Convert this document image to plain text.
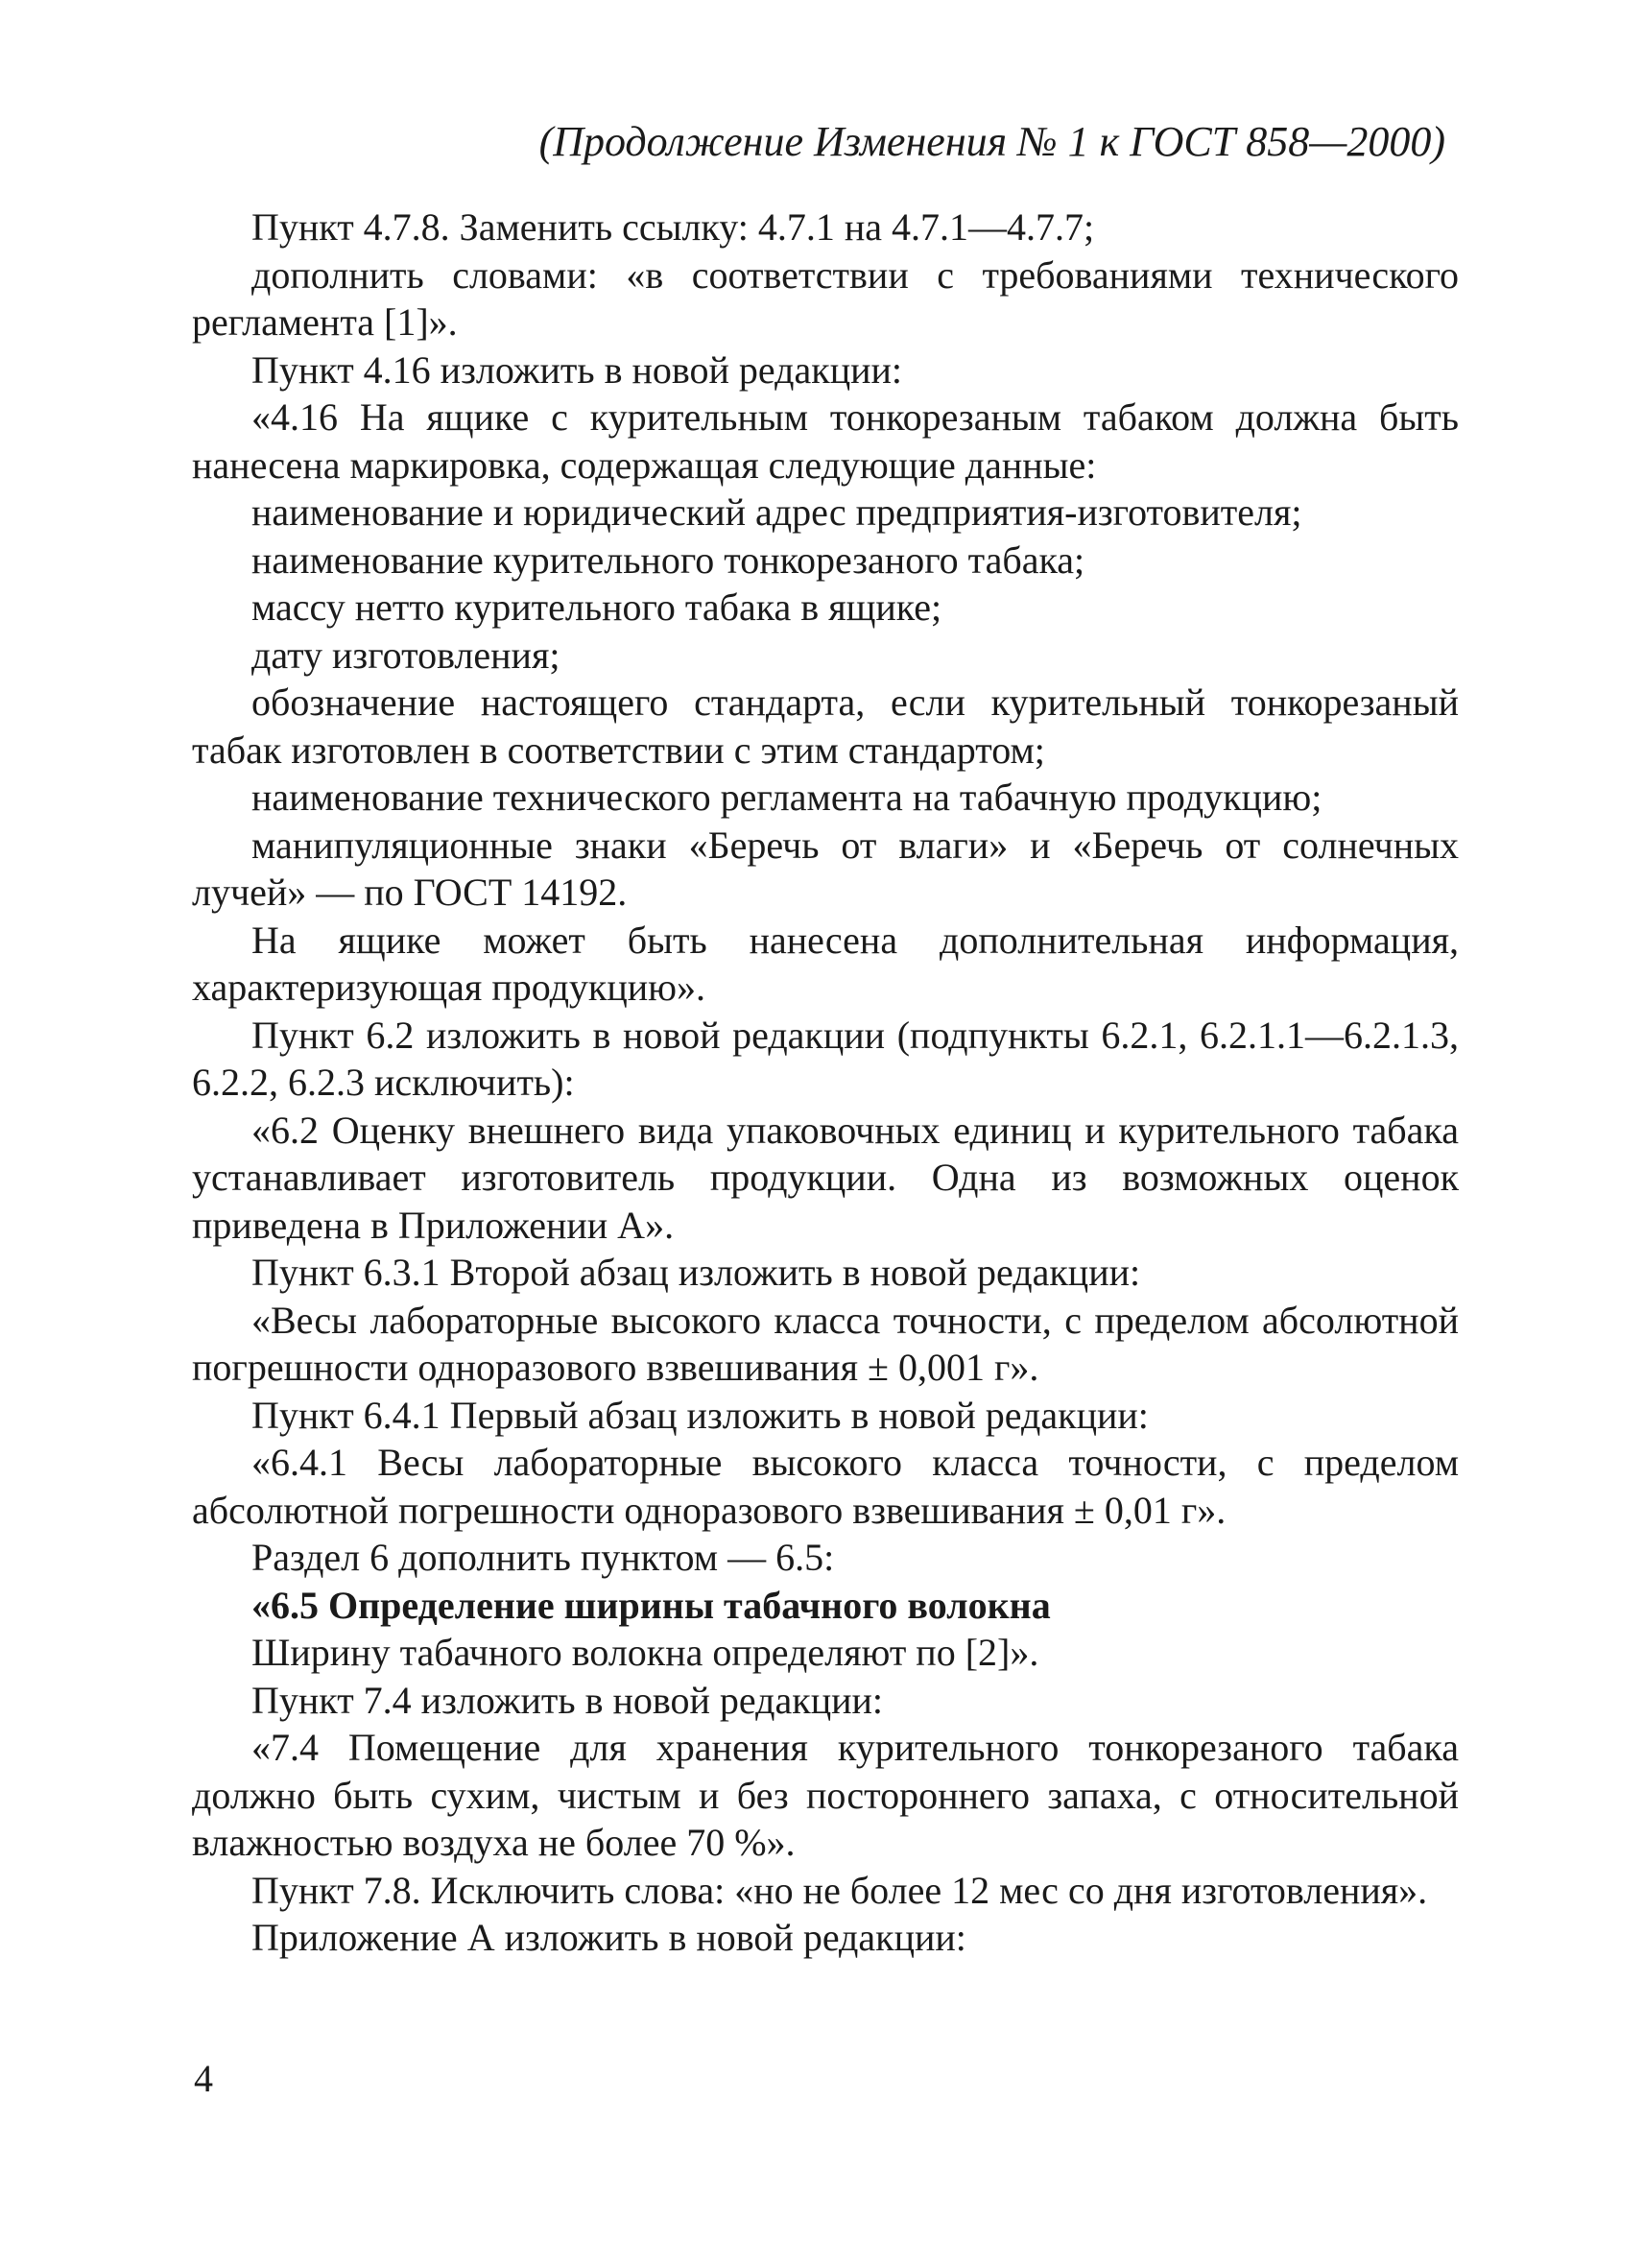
(Продолжение Изменения № 1 к ГОСТ 858—2000)

Пункт 4.7.8. Заменить ссылку: 4.7.1 на 4.7.1—4.7.7;

дополнить словами: «в соответствии с требованиями технического регламента [1]».

Пункт 4.16 изложить в новой редакции:

«4.16 На ящике с курительным тонкорезаным табаком должна быть нанесена маркировка, содержащая следующие данные:

наименование и юридический адрес предприятия-изготовителя;

наименование курительного тонкорезаного табака;

массу нетто курительного табака в ящике;

дату изготовления;

обозначение настоящего стандарта, если курительный тонкорезаный табак изготовлен в соответствии с этим стандартом;

наименование технического регламента на табачную продукцию;

манипуляционные знаки «Беречь от влаги» и «Беречь от солнечных лучей» — по ГОСТ 14192.

На ящике может быть нанесена дополнительная информация, характеризующая продукцию».

Пункт 6.2 изложить в новой редакции (подпункты 6.2.1, 6.2.1.1—6.2.1.3, 6.2.2, 6.2.3 исключить):

«6.2 Оценку внешнего вида упаковочных единиц и курительного табака устанавливает изготовитель продукции. Одна из возможных оценок приведена в Приложении А».

Пункт 6.3.1 Второй абзац изложить в новой редакции:

«Весы лабораторные высокого класса точности, с пределом абсолютной погрешности одноразового взвешивания ± 0,001 г».

Пункт 6.4.1 Первый абзац изложить в новой редакции:

«6.4.1 Весы лабораторные высокого класса точности, с пределом абсолютной погрешности одноразового взвешивания ± 0,01 г».

Раздел 6 дополнить пунктом — 6.5:

«6.5 Определение ширины табачного волокна

Ширину табачного волокна определяют по [2]».

Пункт 7.4 изложить в новой редакции:

«7.4 Помещение для хранения курительного тонкорезаного табака должно быть сухим, чистым и без постороннего запаха, с относительной влажностью воздуха не более 70 %».

Пункт 7.8. Исключить слова: «но не более 12 мес со дня изготовления».

Приложение А изложить в новой редакции:

4
